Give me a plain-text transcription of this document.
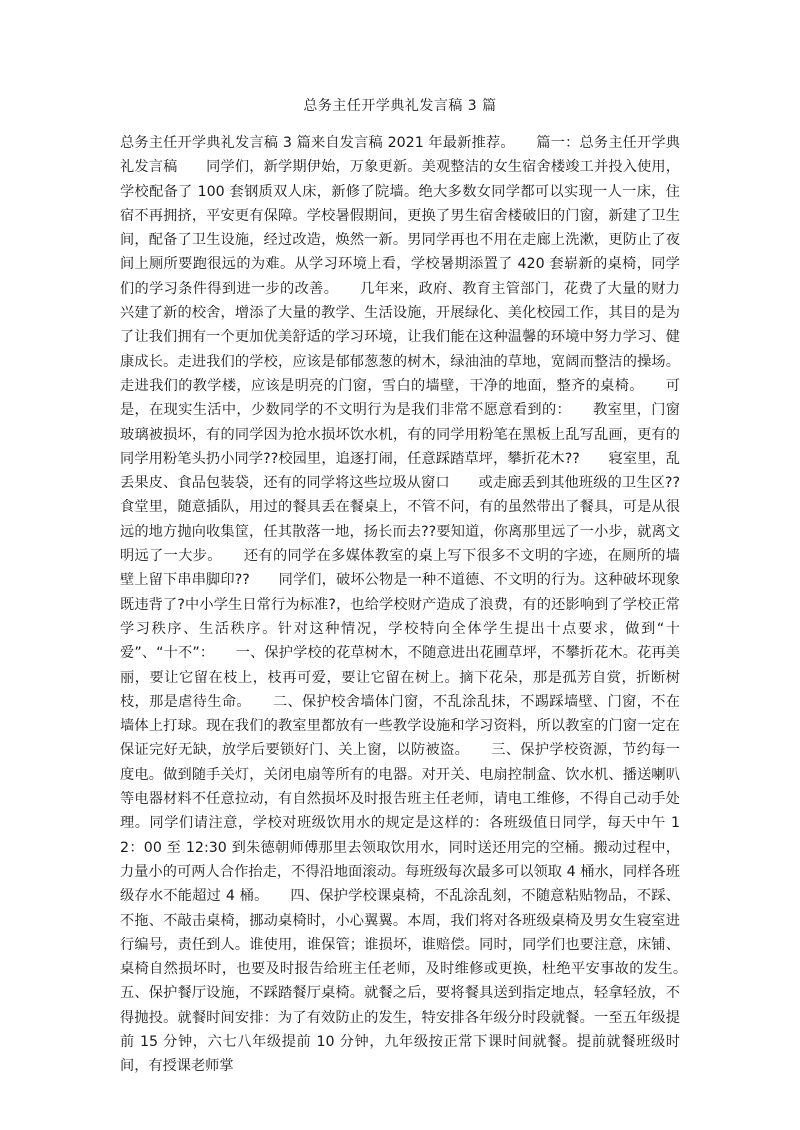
总务主任开学典礼发言稿 3 篇

总务主任开学典礼发言稿 3 篇来自发言稿 2021 年最新推荐。　　篇一：总务主任开学典礼发言稿　　同学们，新学期伊始，万象更新。美观整洁的女生宿舍楼竣工并投入使用，学校配备了 100 套钢质双人床，新修了院墙。绝大多数女同学都可以实现一人一床，住宿不再拥挤，平安更有保障。学校暑假期间，更换了男生宿舍楼破旧的门窗，新建了卫生间，配备了卫生设施，经过改造，焕然一新。男同学再也不用在走廊上洗漱，更防止了夜间上厕所要跑很远的为难。从学习环境上看，学校暑期添置了 420 套崭新的桌椅，同学们的学习条件得到进一步的改善。　　几年来，政府、教育主管部门，花费了大量的财力兴建了新的校舍，增添了大量的教学、生活设施，开展绿化、美化校园工作，其目的是为了让我们拥有一个更加优美舒适的学习环境，让我们能在这种温馨的环境中努力学习、健康成长。走进我们的学校，应该是郁郁葱葱的树木，绿油油的草地，宽阔而整洁的操场。走进我们的教学楼，应该是明亮的门窗，雪白的墙壁，干净的地面，整齐的桌椅。　　可是，在现实生活中，少数同学的不文明行为是我们非常不愿意看到的：　　教室里，门窗玻璃被损坏，有的同学因为抢水损坏饮水机，有的同学用粉笔在黑板上乱写乱画，更有的同学用粉笔头扔小同学??校园里，追逐打闹，任意踩踏草坪，攀折花木??　　寝室里，乱丢果皮、食品包装袋，还有的同学将这些垃圾从窗口　　或走廊丢到其他班级的卫生区??　　食堂里，随意插队，用过的餐具丢在餐桌上，不管不问，有的虽然带出了餐具，可是从很远的地方抛向收集筐，任其散落一地，扬长而去??要知道，你离那里远了一小步，就离文明远了一大步。　　还有的同学在多媒体教室的桌上写下很多不文明的字迹，在厕所的墙壁上留下串串脚印??　　同学们，破坏公物是一种不道德、不文明的行为。这种破坏现象既违背了?中小学生日常行为标准?，也给学校财产造成了浪费，有的还影响到了学校正常学习秩序、生活秩序。针对这种情况，学校特向全体学生提出十点要求，做到“十爱”、“十不”：　　一、保护学校的花草树木，不随意进出花圃草坪，不攀折花木。花再美丽，要让它留在枝上，枝再可爱，要让它留在树上。摘下花朵，那是孤芳自赏，折断树枝，那是虐待生命。　　二、保护校舍墙体门窗，不乱涂乱抹，不踢踩墙壁、门窗，不在墙体上打球。现在我们的教室里都放有一些教学设施和学习资料，所以教室的门窗一定在保证完好无缺，放学后要锁好门、关上窗，以防被盗。　　三、保护学校资源，节约每一度电。做到随手关灯，关闭电扇等所有的电器。对开关、电扇控制盒、饮水机、播送喇叭等电器材料不任意拉动，有自然损坏及时报告班主任老师，请电工维修，不得自己动手处理。同学们请注意，学校对班级饮用水的规定是这样的：各班级值日同学，每天中午 12：00 至 12:30 到朱德朝师傅那里去领取饮用水，同时送还用完的空桶。搬动过程中，力量小的可两人合作抬走，不得沿地面滚动。每班级每次最多可以领取 4 桶水，同样各班级存水不能超过 4 桶。　　四、保护学校课桌椅，不乱涂乱刻，不随意粘贴物品，不踩、不拖、不敲击桌椅，挪动桌椅时，小心翼翼。本周，我们将对各班级桌椅及男女生寝室进行编号，责任到人。谁使用，谁保管；谁损坏，谁赔偿。同时，同学们也要注意，床铺、桌椅自然损坏时，也要及时报告给班主任老师，及时维修或更换，杜绝平安事故的发生。　　五、保护餐厅设施，不踩踏餐厅桌椅。就餐之后，要将餐具送到指定地点，轻拿轻放，不得抛投。就餐时间安排：为了有效防止的发生，特安排各年级分时段就餐。一至五年级提前 15 分钟，六七八年级提前 10 分钟，九年级按正常下课时间就餐。提前就餐班级时间，有授课老师掌
